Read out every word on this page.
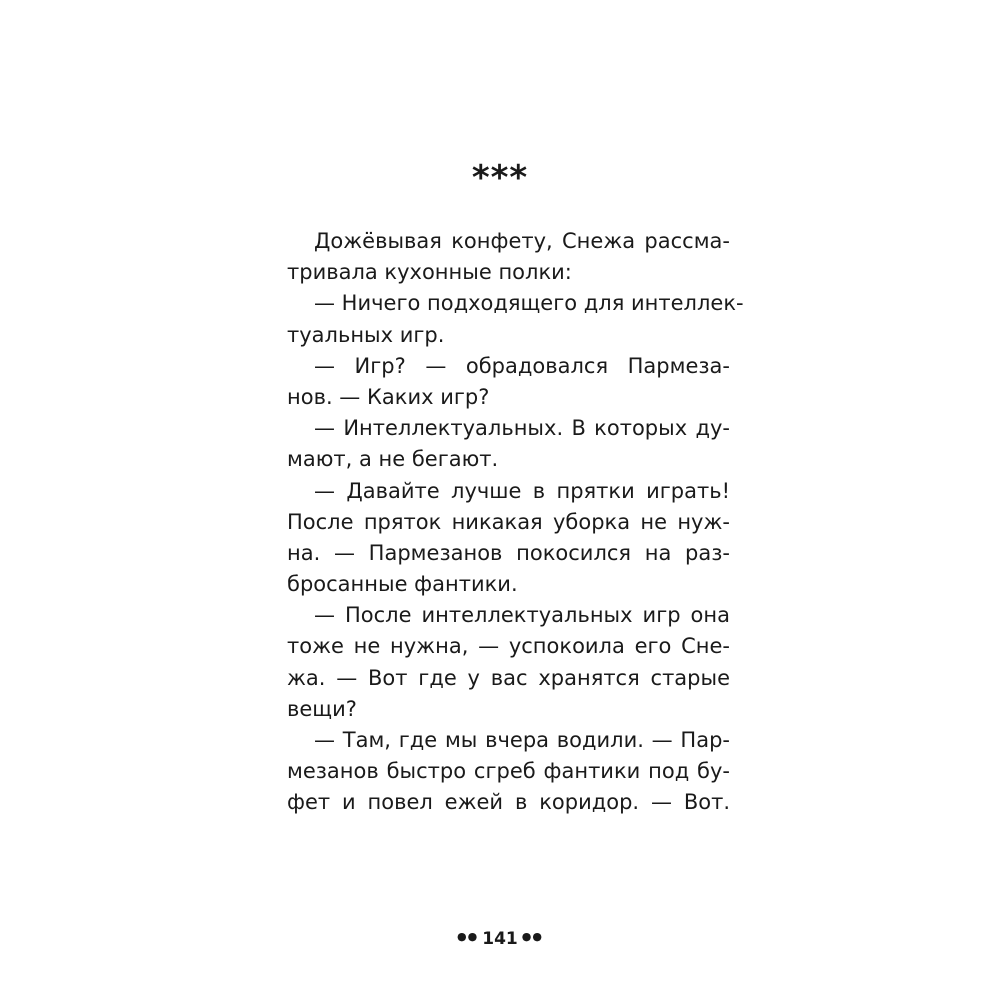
***
Дожёвывая конфету, Снежа рассма-
тривала кухонные полки:
— Ничего подходящего для интеллек-
туальных игр.
— Игр? — обрадовался Пармеза-
нов. — Каких игр?
— Интеллектуальных. В которых ду-
мают, а не бегают.
— Давайте лучше в прятки играть!
После пряток никакая уборка не нуж-
на. — Пармезанов покосился на раз-
бросанные фантики.
— После интеллектуальных игр она
тоже не нужна, — успокоила его Сне-
жа. — Вот где у вас хранятся старые
вещи?
— Там, где мы вчера водили. — Пар-
мезанов быстро сгреб фантики под бу-
фет и повел ежей в коридор. — Вот.
●● 141 ●●
